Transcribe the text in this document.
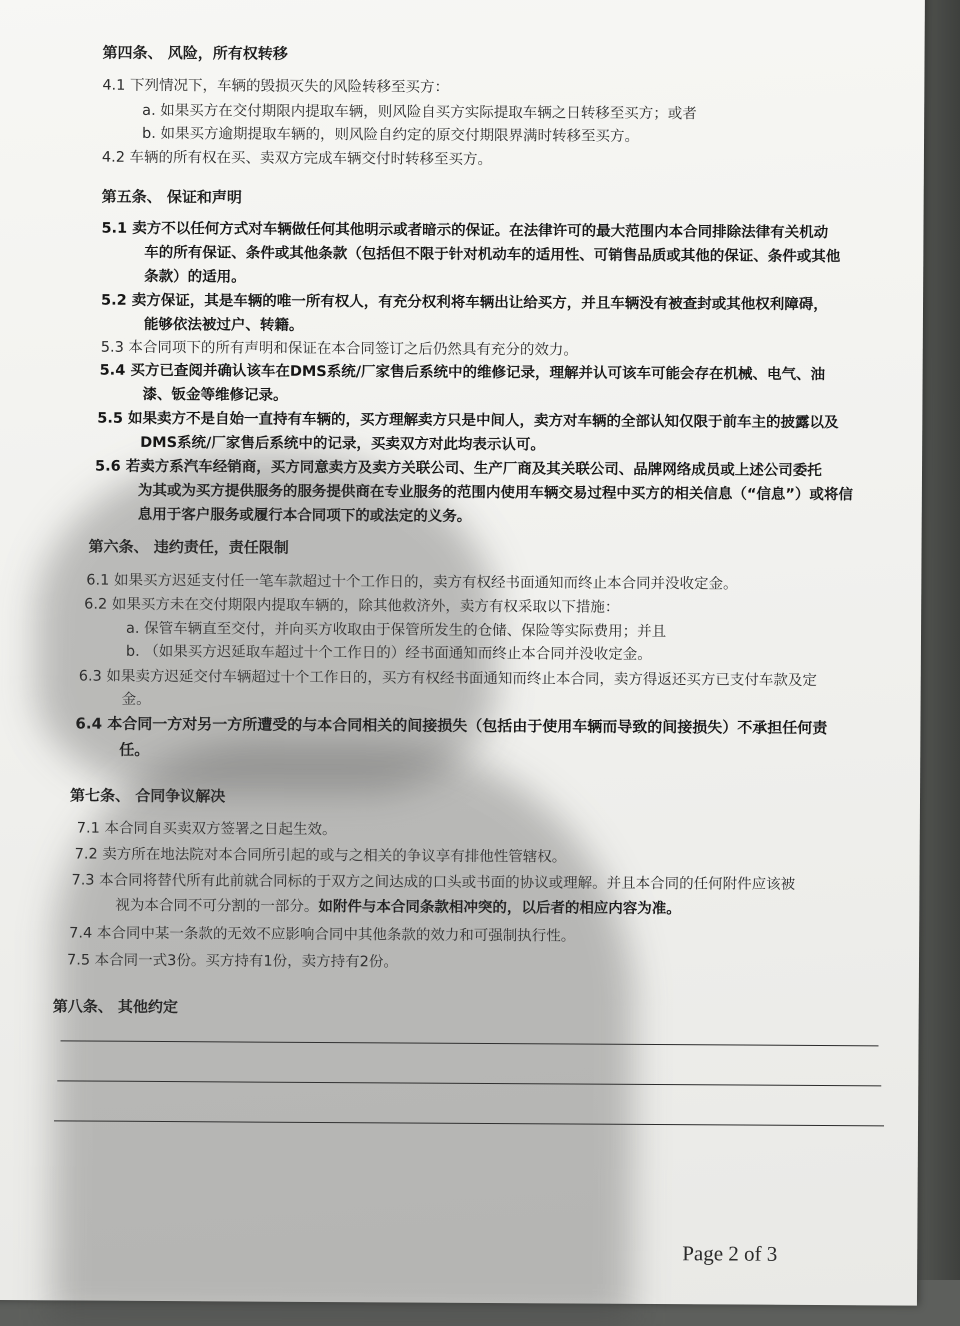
第四条、 风险，所有权转移
4.1 下列情况下，车辆的毁损灭失的风险转移至买方：
a. 如果买方在交付期限内提取车辆，则风险自买方实际提取车辆之日转移至买方；或者
b. 如果买方逾期提取车辆的，则风险自约定的原交付期限界满时转移至买方。
4.2 车辆的所有权在买、卖双方完成车辆交付时转移至买方。
第五条、 保证和声明
5.1 卖方不以任何方式对车辆做任何其他明示或者暗示的保证。在法律许可的最大范围内本合同排除法律有关机动
车的所有保证、条件或其他条款（包括但不限于针对机动车的适用性、可销售品质或其他的保证、条件或其他
条款）的适用。
5.2 卖方保证，其是车辆的唯一所有权人，有充分权利将车辆出让给买方，并且车辆没有被查封或其他权利障碍，
能够依法被过户、转籍。
5.3 本合同项下的所有声明和保证在本合同签订之后仍然具有充分的效力。
5.4 买方已查阅并确认该车在DMS系统/厂家售后系统中的维修记录，理解并认可该车可能会存在机械、电气、油
漆、钣金等维修记录。
5.5 如果卖方不是自始一直持有车辆的，买方理解卖方只是中间人，卖方对车辆的全部认知仅限于前车主的披露以及
DMS系统/厂家售后系统中的记录，买卖双方对此均表示认可。
5.6 若卖方系汽车经销商，买方同意卖方及卖方关联公司、生产厂商及其关联公司、品牌网络成员或上述公司委托
为其或为买方提供服务的服务提供商在专业服务的范围内使用车辆交易过程中买方的相关信息（“信息”）或将信
息用于客户服务或履行本合同项下的或法定的义务。
第六条、 违约责任，责任限制
6.1 如果买方迟延支付任一笔车款超过十个工作日的，卖方有权经书面通知而终止本合同并没收定金。
6.2 如果买方未在交付期限内提取车辆的，除其他救济外，卖方有权采取以下措施：
a. 保管车辆直至交付，并向买方收取由于保管所发生的仓储、保险等实际费用；并且
b. （如果买方迟延取车超过十个工作日的）经书面通知而终止本合同并没收定金。
6.3 如果卖方迟延交付车辆超过十个工作日的，买方有权经书面通知而终止本合同，卖方得返还买方已支付车款及定
金。
6.4 本合同一方对另一方所遭受的与本合同相关的间接损失（包括由于使用车辆而导致的间接损失）不承担任何责
任。
第七条、 合同争议解决
7.1 本合同自买卖双方签署之日起生效。
7.2 卖方所在地法院对本合同所引起的或与之相关的争议享有排他性管辖权。
7.3 本合同将替代所有此前就合同标的于双方之间达成的口头或书面的协议或理解。并且本合同的任何附件应该被
视为本合同不可分割的一部分。如附件与本合同条款相冲突的，以后者的相应内容为准。
7.4 本合同中某一条款的无效不应影响合同中其他条款的效力和可强制执行性。
7.5 本合同一式3份。买方持有1份，卖方持有2份。
第八条、 其他约定
Page 2 of 3
